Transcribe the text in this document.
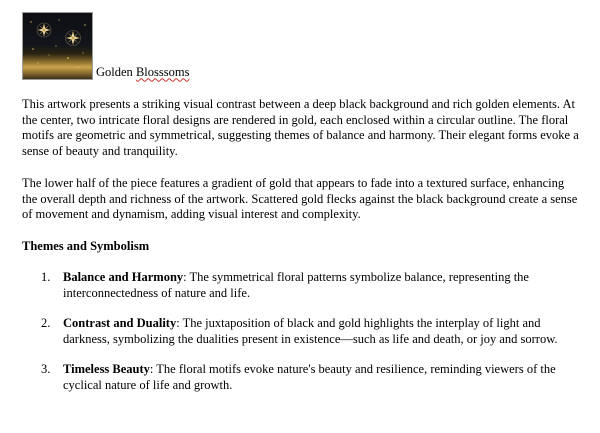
Golden Blosssoms

This artwork presents a striking visual contrast between a deep black background and rich golden elements. At the center, two intricate floral designs are rendered in gold, each enclosed within a circular outline. The floral motifs are geometric and symmetrical, suggesting themes of balance and harmony. Their elegant forms evoke a sense of beauty and tranquility.

The lower half of the piece features a gradient of gold that appears to fade into a textured surface, enhancing the overall depth and richness of the artwork. Scattered gold flecks against the black background create a sense of movement and dynamism, adding visual interest and complexity.

Themes and Symbolism

1. Balance and Harmony: The symmetrical floral patterns symbolize balance, representing the interconnectedness of nature and life.
2. Contrast and Duality: The juxtaposition of black and gold highlights the interplay of light and darkness, symbolizing the dualities present in existence—such as life and death, or joy and sorrow.
3. Timeless Beauty: The floral motifs evoke nature's beauty and resilience, reminding viewers of the cyclical nature of life and growth.
